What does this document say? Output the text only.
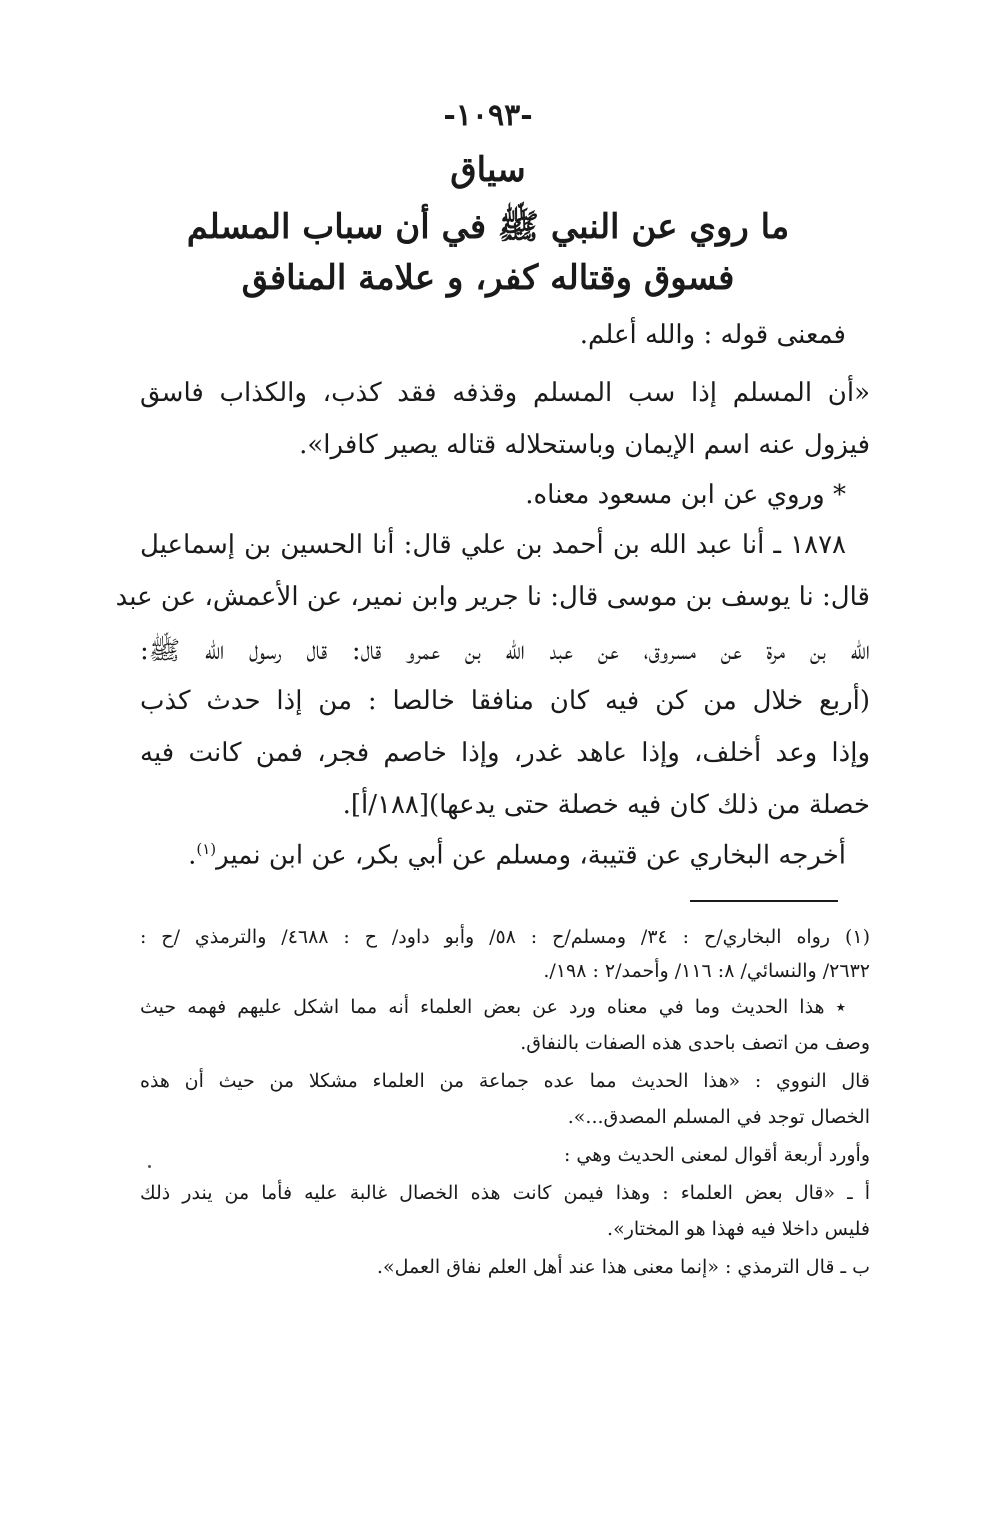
-١٠٩٣-
سياق
ما روي عن النبي ﷺ في أن سباب المسلم
فسوق وقتاله كفر، و علامة المنافق
فمعنى قوله : والله أعلم.
«أن المسلم إذا سب المسلم وقذفه فقد كذب، والكذاب فاسق
فيزول عنه اسم الإيمان وباستحلاله قتاله يصير كافرا».
* وروي عن ابن مسعود معناه.
١٨٧٨ ـ أنا عبد الله بن أحمد بن علي قال: أنا الحسين بن إسماعيل
قال: نا يوسف بن موسى قال: نا جرير وابن نمير، عن الأعمش، عن عبد
الله بن مرة عن مسروق، عن عبد الله بن عمرو قال: قال رسول الله ﷺ:
(أربع خلال من كن فيه كان منافقا خالصا : من إذا حدث كذب
وإذا وعد أخلف، وإذا عاهد غدر، وإذا خاصم فجر، فمن كانت فيه
خصلة من ذلك كان فيه خصلة حتى يدعها)[١٨٨/أ].
أخرجه البخاري عن قتيبة، ومسلم عن أبي بكر، عن ابن نمير$^{(١)}$.
(١) رواه البخاري/ح : ٣٤/ ومسلم/ح : ٥٨/ وأبو داود/ ح : ٤٦٨٨/ والترمذي /ح :
٢٦٣٢/ والنسائي/ ٨: ١١٦/ وأحمد/٢ : ١٩٨/.
٭ هذا الحديث وما في معناه ورد عن بعض العلماء أنه مما اشكل عليهم فهمه حيث
وصف من اتصف باحدى هذه الصفات بالنفاق.
قال النووي : «هذا الحديث مما عده جماعة من العلماء مشكلا من حيث أن هذه
الخصال توجد في المسلم المصدق...».
وأورد أربعة أقوال لمعنى الحديث وهي :
أ ـ «قال بعض العلماء : وهذا فيمن كانت هذه الخصال غالبة عليه فأما من يندر ذلك
فليس داخلا فيه فهذا هو المختار».
ب ـ قال الترمذي : «إنما معنى هذا عند أهل العلم نفاق العمل».
